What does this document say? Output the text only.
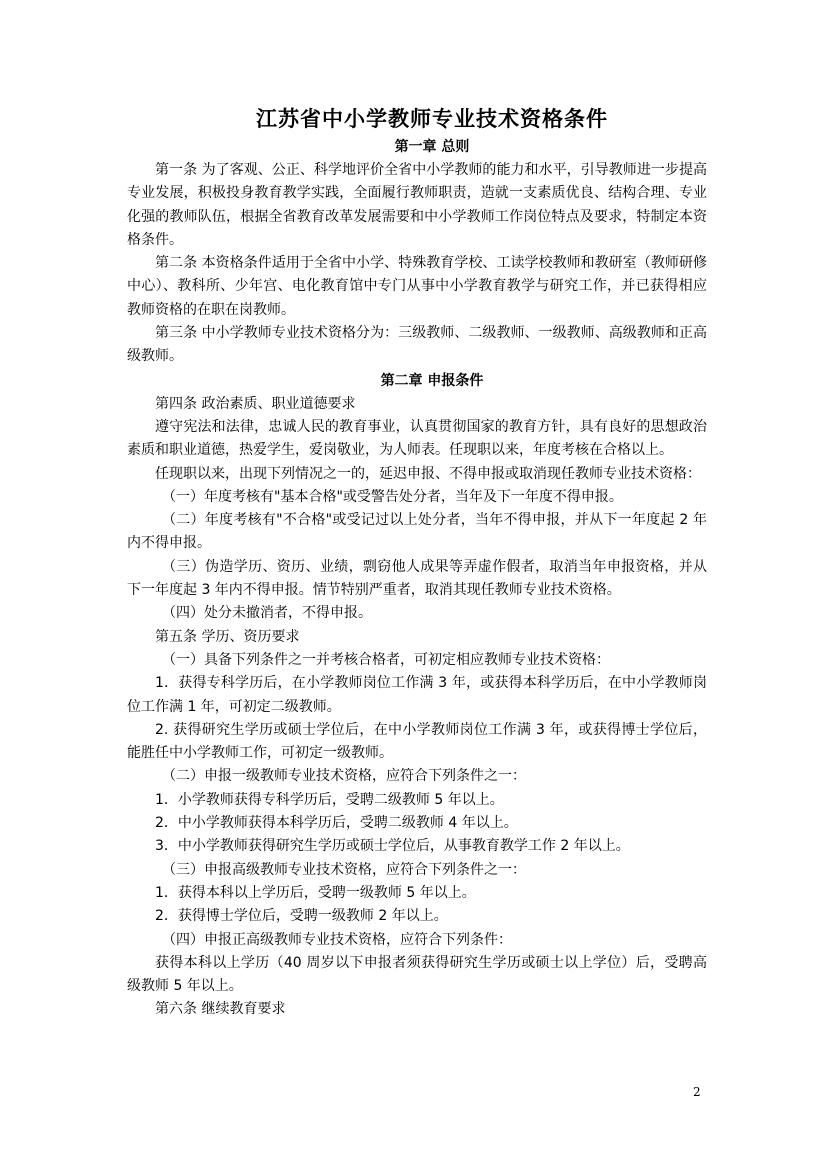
江苏省中小学教师专业技术资格条件
第一章 总则

第一条 为了客观、公正、科学地评价全省中小学教师的能力和水平，引导教师进一步提高专业发展，积极投身教育教学实践，全面履行教师职责，造就一支素质优良、结构合理、专业化强的教师队伍，根据全省教育改革发展需要和中小学教师工作岗位特点及要求，特制定本资格条件。

第二条 本资格条件适用于全省中小学、特殊教育学校、工读学校教师和教研室（教师研修中心）、教科所、少年宫、电化教育馆中专门从事中小学教育教学与研究工作，并已获得相应教师资格的在职在岗教师。

第三条 中小学教师专业技术资格分为：三级教师、二级教师、一级教师、高级教师和正高级教师。

第二章 申报条件

第四条 政治素质、职业道德要求

遵守宪法和法律，忠诚人民的教育事业，认真贯彻国家的教育方针，具有良好的思想政治素质和职业道德，热爱学生，爱岗敬业，为人师表。任现职以来，年度考核在合格以上。

任现职以来，出现下列情况之一的，延迟申报、不得申报或取消现任教师专业技术资格：

（一）年度考核有"基本合格"或受警告处分者，当年及下一年度不得申报。

（二）年度考核有"不合格"或受记过以上处分者，当年不得申报，并从下一年度起 2 年内不得申报。

（三）伪造学历、资历、业绩，剽窃他人成果等弄虚作假者，取消当年申报资格，并从下一年度起 3 年内不得申报。情节特别严重者，取消其现任教师专业技术资格。

（四）处分未撤消者，不得申报。

第五条 学历、资历要求

（一）具备下列条件之一并考核合格者，可初定相应教师专业技术资格：

1．获得专科学历后，在小学教师岗位工作满 3 年，或获得本科学历后，在中小学教师岗位工作满 1 年，可初定二级教师。

2. 获得研究生学历或硕士学位后，在中小学教师岗位工作满 3 年，或获得博士学位后，能胜任中小学教师工作，可初定一级教师。

（二）申报一级教师专业技术资格，应符合下列条件之一：

1．小学教师获得专科学历后，受聘二级教师 5 年以上。

2．中小学教师获得本科学历后，受聘二级教师 4 年以上。

3．中小学教师获得研究生学历或硕士学位后，从事教育教学工作 2 年以上。

（三）申报高级教师专业技术资格，应符合下列条件之一：

1．获得本科以上学历后，受聘一级教师 5 年以上。

2．获得博士学位后，受聘一级教师 2 年以上。

（四）申报正高级教师专业技术资格，应符合下列条件：

获得本科以上学历（40 周岁以下申报者须获得研究生学历或硕士以上学位）后，受聘高级教师 5 年以上。

第六条 继续教育要求

2
